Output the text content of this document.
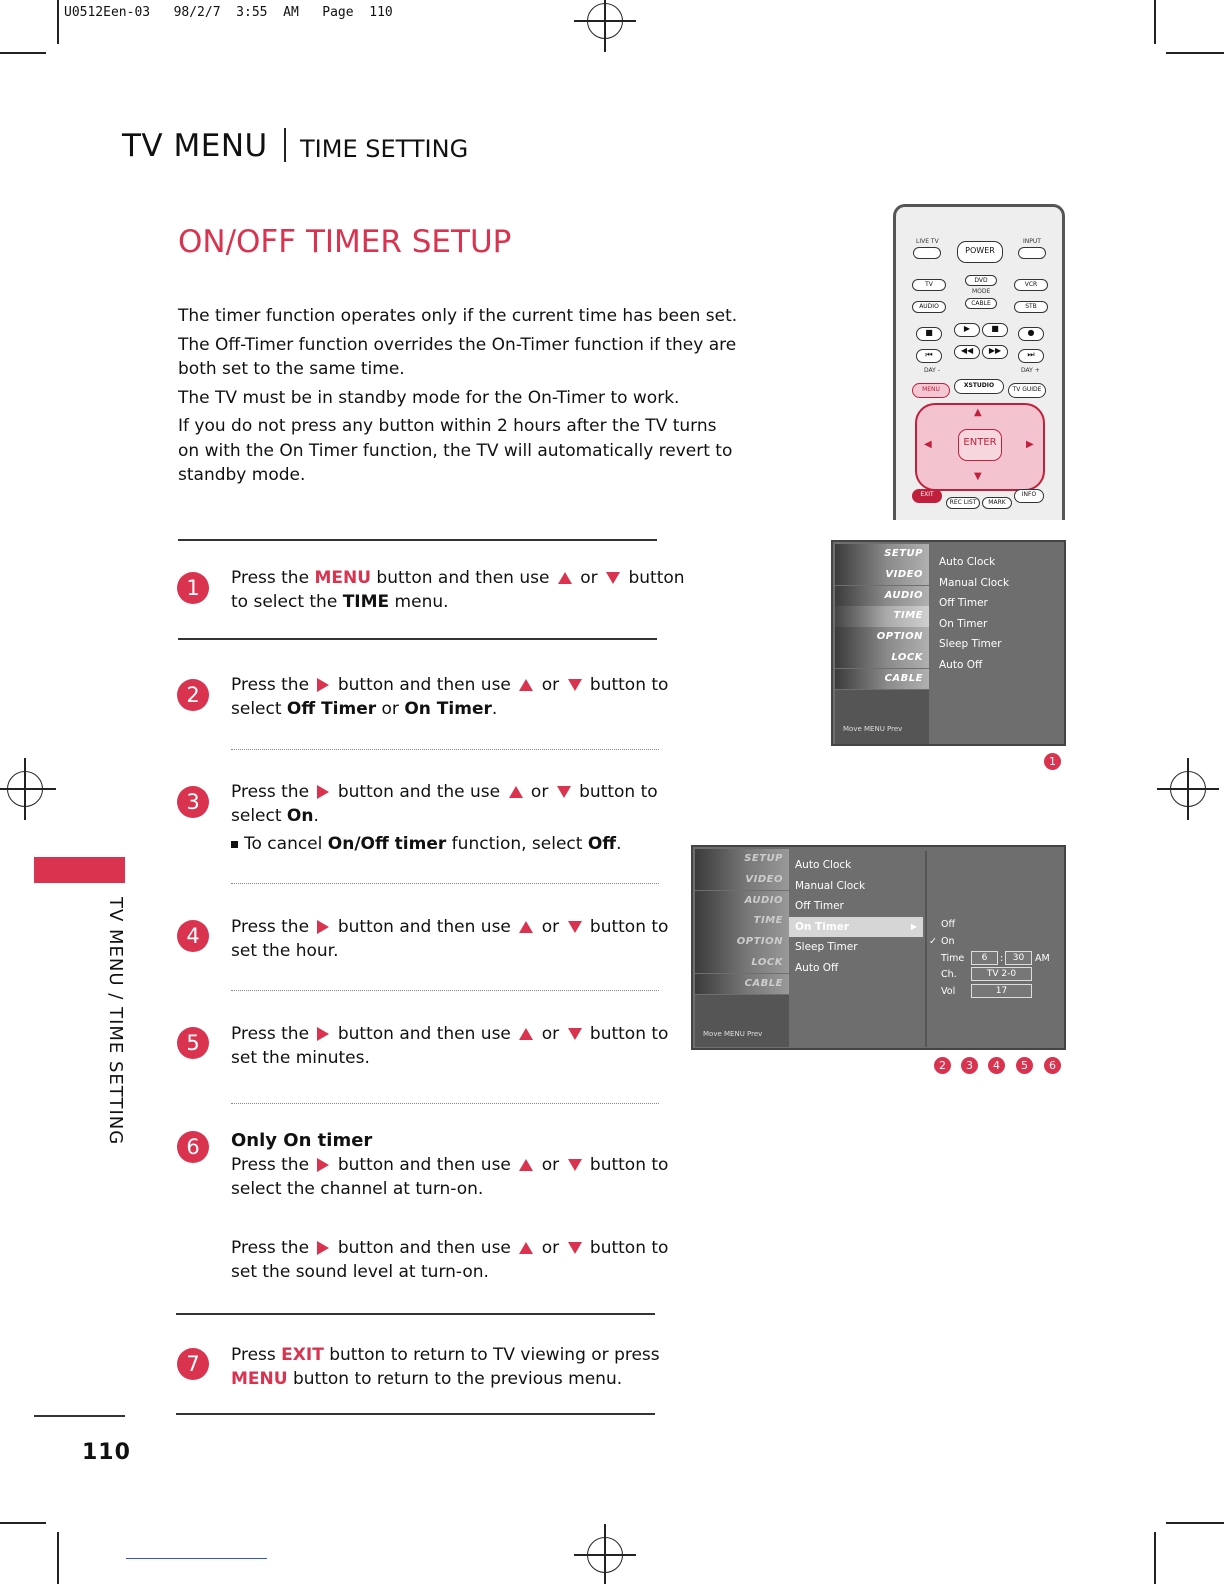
U0512Een-03   98/2/7  3:55  AM   Page  110
TV MENU TIME SETTING
ON/OFF TIMER SETUP

The timer function operates only if the current time has been set.

The Off-Timer function overrides the On-Timer function if they are both set to the same time.

The TV must be in standby mode for the On-Timer to work.

If you do not press any button within 2 hours after the TV turns on with the On Timer function, the TV will automatically revert to standby mode.

1	Press the MENU button and then use  or  button
to select the TIME menu.
2	Press the  button and then use  or  button to
select Off Timer or On Timer.
3	Press the  button and the use  or  button to
select On.
To cancel On/Off timer function, select Off.
4	Press the  button and then use  or  button to
set the hour.
5	Press the  button and then use  or  button to
set the minutes.
6	Only On timer
Press the  button and then use  or  button to
select the channel at turn-on.
Press the  button and then use  or  button to
set the sound level at turn-on.
7	Press EXIT button to return to TV viewing or press
MENU button to return to the previous menu.
TV MENU / TIME SETTING
110
LIVE TV	INPUT
POWER
DVD
TV	VCR
MODE
AUDIO	CABLE	STB
■	▶	■	●
⏮	◀◀	▶▶	⏭
DAY -	DAY +
MENU
XSTUDIO
TV GUIDE
▲
▼
◀	▶
ENTER
EXIT
REC LIST	MARK
INFO
SETUP
VIDEO
AUDIO
TIME
OPTION
LOCK
CABLE
Move MENU Prev
Auto Clock
Manual Clock
Off Timer
On Timer
Sleep Timer
Auto Off
1
SETUP
VIDEO
AUDIO
TIME
OPTION
LOCK
CABLE
Move MENU Prev
Auto Clock
Manual Clock
Off Timer
On Timer	▶
Sleep Timer
Auto Off
Off
✓ On
Time	6	:	30	AM
Ch.	TV 2-0
Vol	17
2	3	4	5	6
